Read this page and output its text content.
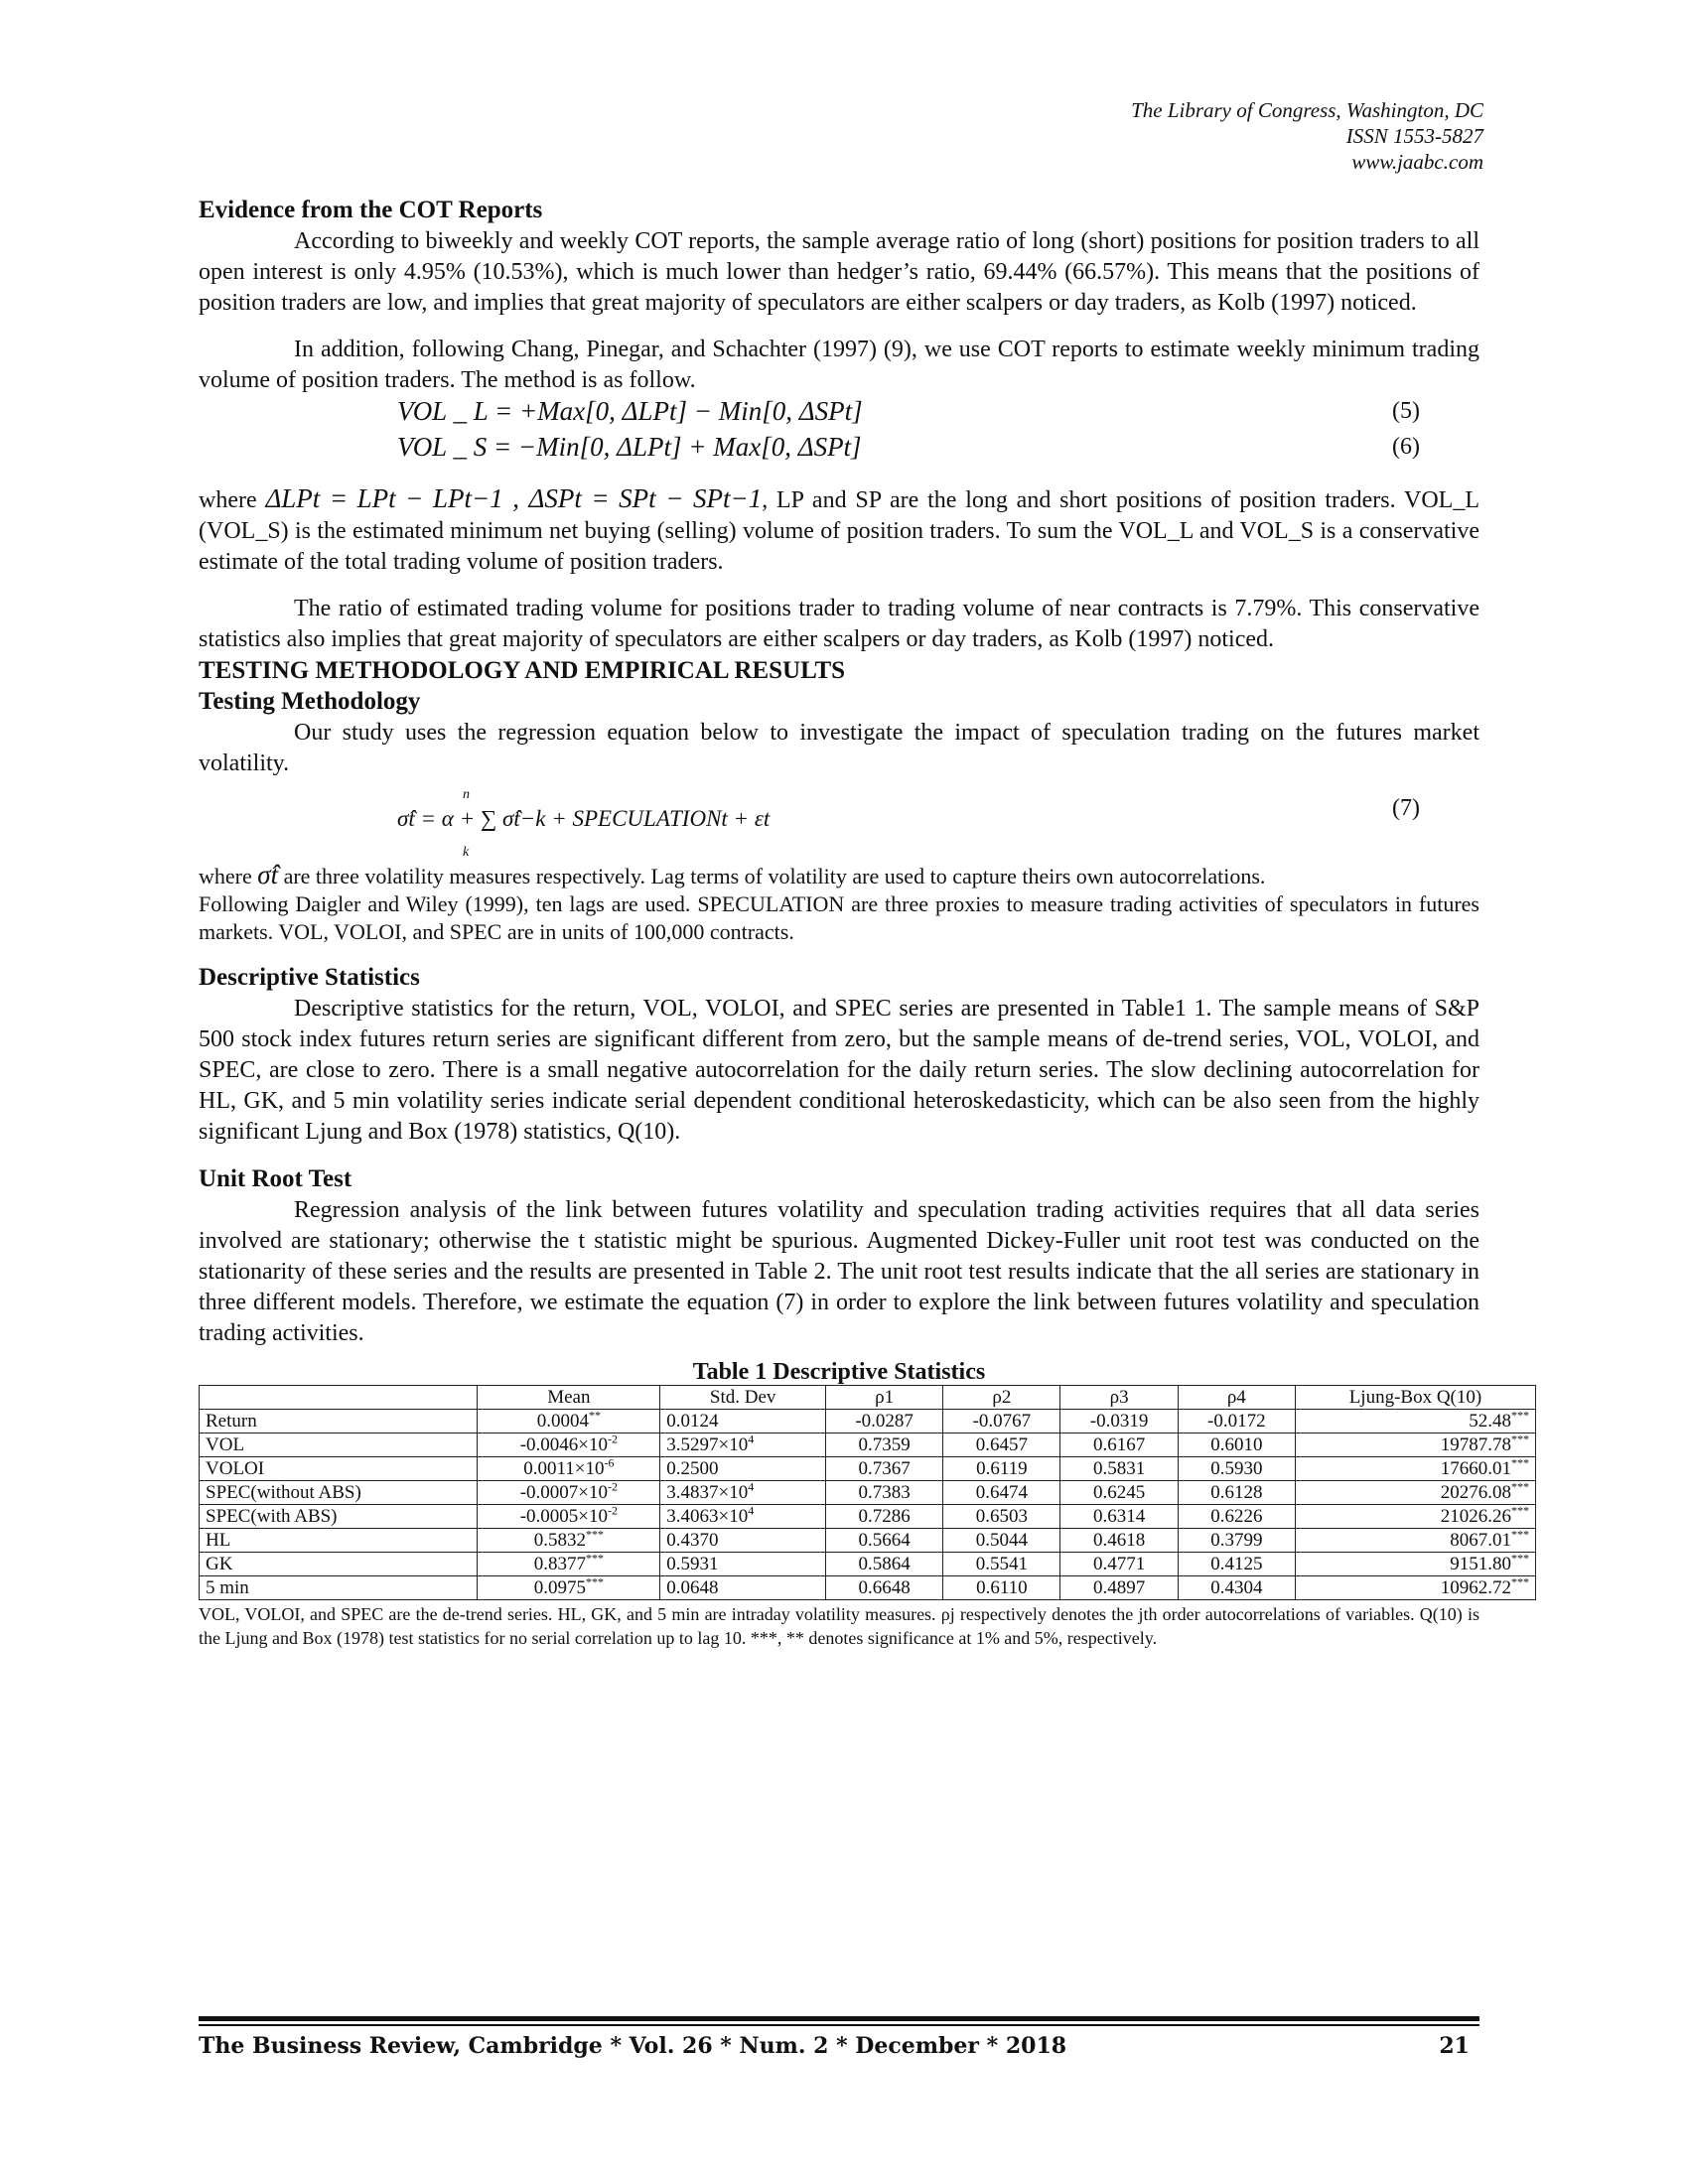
The Library of Congress, Washington, DC
ISSN 1553-5827
www.jaabc.com

Evidence from the COT Reports

According to biweekly and weekly COT reports, the sample average ratio of long (short) positions for position traders to all open interest is only 4.95% (10.53%), which is much lower than hedger’s ratio, 69.44% (66.57%). This means that the positions of position traders are low, and implies that great majority of speculators are either scalpers or day traders, as Kolb (1997) noticed.

In addition, following Chang, Pinegar, and Schachter (1997) (9), we use COT reports to estimate weekly minimum trading volume of position traders. The method is as follow.

VOL _ L = +Max[0, ΔLPt] − Min[0, ΔSPt]	(5)
VOL _ S = −Min[0, ΔLPt] + Max[0, ΔSPt]	(6)

where ΔLPt = LPt − LPt−1 , ΔSPt = SPt − SPt−1, LP and SP are the long and short positions of position traders. VOL_L (VOL_S) is the estimated minimum net buying (selling) volume of position traders. To sum the VOL_L and VOL_S is a conservative estimate of the total trading volume of position traders.

The ratio of estimated trading volume for positions trader to trading volume of near contracts is 7.79%. This conservative statistics also implies that great majority of speculators are either scalpers or day traders, as Kolb (1997) noticed.

TESTING METHODOLOGY AND EMPIRICAL RESULTS

Testing Methodology

Our study uses the regression equation below to investigate the impact of speculation trading on the futures market volatility.

n
σ̂t = α + ∑ σ̂t−k + SPECULATIONt + εt
k
(7)

where σ̂t are three volatility measures respectively. Lag terms of volatility are used to capture theirs own autocorrelations.

Following Daigler and Wiley (1999), ten lags are used. SPECULATION are three proxies to measure trading activities of speculators in futures markets. VOL, VOLOI, and SPEC are in units of 100,000 contracts.

Descriptive Statistics

Descriptive statistics for the return, VOL, VOLOI, and SPEC series are presented in Table1 1. The sample means of S&P 500 stock index futures return series are significant different from zero, but the sample means of de-trend series, VOL, VOLOI, and SPEC, are close to zero. There is a small negative autocorrelation for the daily return series. The slow declining autocorrelation for HL, GK, and 5 min volatility series indicate serial dependent conditional heteroskedasticity, which can be also seen from the highly significant Ljung and Box (1978) statistics, Q(10).

Unit Root Test

Regression analysis of the link between futures volatility and speculation trading activities requires that all data series involved are stationary; otherwise the t statistic might be spurious. Augmented Dickey-Fuller unit root test was conducted on the stationarity of these series and the results are presented in Table 2. The unit root test results indicate that the all series are stationary in three different models. Therefore, we estimate the equation (7) in order to explore the link between futures volatility and speculation trading activities.

Table 1 Descriptive Statistics
	Mean	Std. Dev	ρ1	ρ2	ρ3	ρ4	Ljung-Box Q(10)
Return	0.0004**	0.0124	-0.0287	-0.0767	-0.0319	-0.0172	52.48***
VOL	$-0.0046\times 10^{-2}$	$3.5297\times 10^4$	0.7359	0.6457	0.6167	0.6010	19787.78***
VOLOI	$0.0011\times 10^{-6}$	0.2500	0.7367	0.6119	0.5831	0.5930	17660.01***
SPEC(without ABS)	$-0.0007\times 10^{-2}$	$3.4837\times 10^4$	0.7383	0.6474	0.6245	0.6128	20276.08***
SPEC(with ABS)	$-0.0005\times 10^{-2}$	$3.4063\times 10^4$	0.7286	0.6503	0.6314	0.6226	21026.26***
HL	0.5832***	0.4370	0.5664	0.5044	0.4618	0.3799	8067.01***
GK	0.8377***	0.5931	0.5864	0.5541	0.4771	0.4125	9151.80***
5 min	0.0975***	0.0648	0.6648	0.6110	0.4897	0.4304	10962.72***
VOL, VOLOI, and SPEC are the de-trend series. HL, GK, and 5 min are intraday volatility measures. ρj respectively denotes the jth order autocorrelations of variables. Q(10) is the Ljung and Box (1978) test statistics for no serial correlation up to lag 10. ***, ** denotes significance at 1% and 5%, respectively.
The Business Review, Cambridge * Vol. 26 * Num. 2 * December * 2018	21
